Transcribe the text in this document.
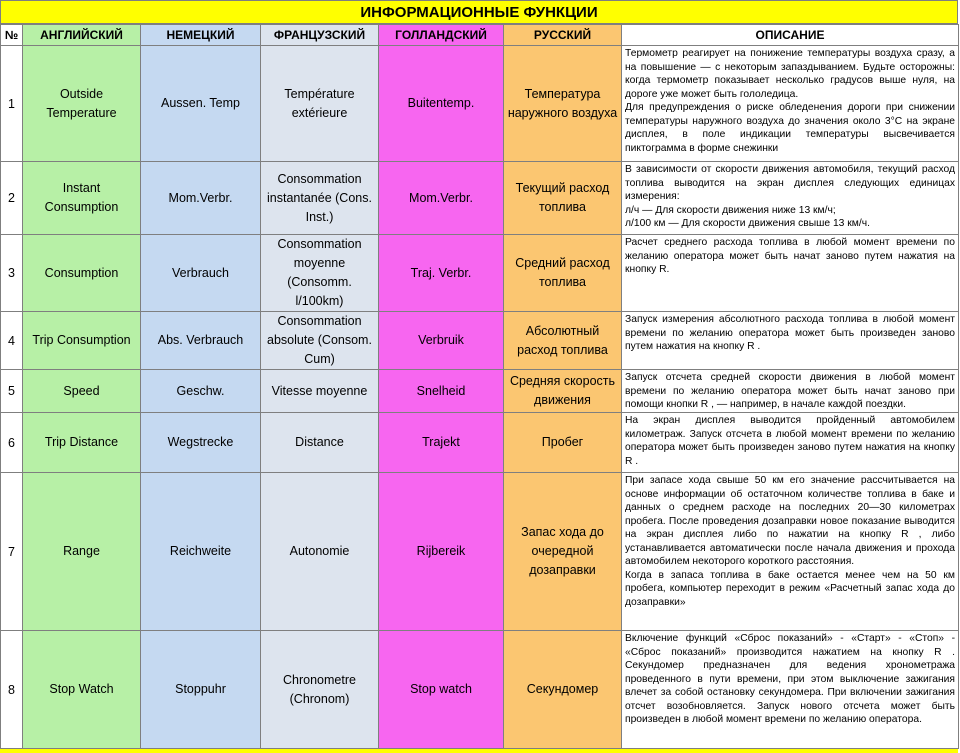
ИНФОРМАЦИОННЫЕ ФУНКЦИИ
№	АНГЛИЙСКИЙ	НЕМЕЦКИЙ	ФРАНЦУЗСКИЙ	ГОЛЛАНДСКИЙ	РУССКИЙ	ОПИСАНИЕ
1	Outside Temperature	Aussen. Temp	Température extérieure	Buitentemp.	Температура наружного воздуха	Термометр реагирует на понижение температуры воздуха сразу, а на повышение — с некоторым запаздыванием. Будьте осторожны: когда термометр показывает несколько градусов выше нуля, на дороге уже может быть гололедица.

Для предупреждения о риске обледенения дороги при снижении температуры наружного воздуха до значения около 3°С на экране дисплея, в поле индикации температуры высвечивается пиктограмма в форме снежинки

2	Instant Consumption	Mom.Verbr.	Consommation instantanée (Cons. Inst.)	Mom.Verbr.	Текущий расход топлива	В зависимости от скорости движения автомобиля, текущий расход топлива выводится на экран дисплея следующих единицах измерения:

л/ч — Для скорости движения ниже 13 км/ч;

л/100 км — Для скорости движения свыше 13 км/ч.

3	Consumption	Verbrauch	Consommation moyenne (Consomm. l/100km)	Traj. Verbr.	Средний расход топлива	Расчет среднего расхода топлива в любой момент времени по желанию оператора может быть начат заново путем нажатия на кнопку R.

4	Trip Consumption	Abs. Verbrauch	Consommation absolute (Consom. Cum)	Verbruik	Абсолютный расход топлива	Запуск измерения абсолютного расхода топлива в любой момент времени по желанию оператора может быть произведен заново путем нажатия на кнопку R .

5	Speed	Geschw.	Vitesse moyenne	Snelheid	Средняя скорость движения	Запуск отсчета средней скорости движения в любой момент времени по желанию оператора может быть начат заново при помощи кнопки R , — например, в начале каждой поездки.

6	Trip Distance	Wegstrecke	Distance	Trajekt	Пробег	На экран дисплея выводится пройденный автомобилем километраж. Запуск отсчета в любой момент времени по желанию оператора может быть произведен заново путем нажатия на кнопку R .

7	Range	Reichweite	Autonomie	Rijbereik	Запас хода до очередной дозаправки	При запасе хода свыше 50 км его значение рассчитывается на основе информации об остаточном количестве топлива в баке и данных о среднем расходе на последних 20—30 километрах пробега. После проведения дозаправки новое показание выводится на экран дисплея либо по нажатии на кнопку R , либо устанавливается автоматически после начала движения и прохода автомобилем некоторого короткого расстояния.

Когда в запаса топлива в баке остается менее чем на 50 км пробега, компьютер переходит в режим «Расчетный запас хода до дозаправки»

8	Stop Watch	Stoppuhr	Chronometre (Chronom)	Stop watch	Секундомер	Включение функций «Сброс показаний» - «Старт» - «Стоп» - «Сброс показаний» производится нажатием на кнопку R . Секундомер предназначен для ведения хронометража проведенного в пути времени, при этом выключение зажигания влечет за собой остановку секундомера. При включении зажигания отсчет возобновляется. Запуск нового отсчета может быть произведен в любой момент времени по желанию оператора.
